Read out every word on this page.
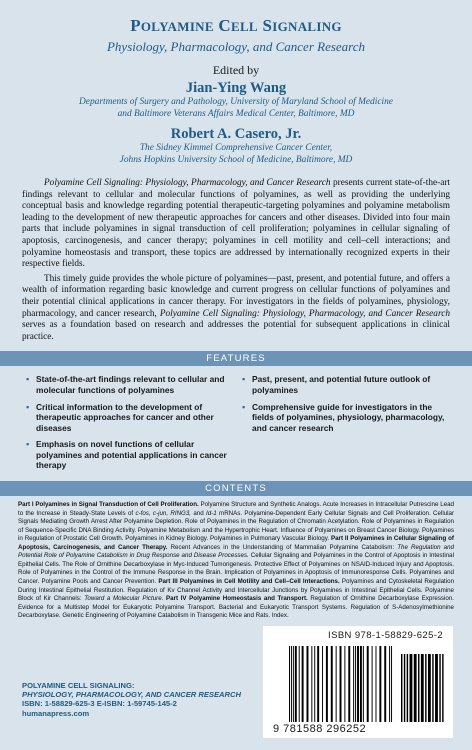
POLYAMINE CELL SIGNALING
Physiology, Pharmacology, and Cancer Research
Edited by
Jian-Ying Wang
Departments of Surgery and Pathology, University of Maryland School of Medicine
and Baltimore Veterans Affairs Medical Center, Baltimore, MD
Robert A. Casero, Jr.
The Sidney Kimmel Comprehensive Cancer Center,
Johns Hopkins University School of Medicine, Baltimore, MD

Polyamine Cell Signaling: Physiology, Pharmacology, and Cancer Research presents current state-of-the-art findings relevant to cellular and molecular functions of polyamines, as well as providing the underlying conceptual basis and knowledge regarding potential therapeutic-targeting polyamines and polyamine metabolism leading to the development of new therapeutic approaches for cancers and other diseases. Divided into four main parts that include polyamines in signal transduction of cell proliferation; polyamines in cellular signaling of apoptosis, carcinogenesis, and cancer therapy; polyamines in cell motility and cell–cell interactions; and polyamine homeostasis and transport, these topics are addressed by internationally recognized experts in their respective fields.

This timely guide provides the whole picture of polyamines—past, present, and potential future, and offers a wealth of information regarding basic knowledge and current progress on cellular functions of polyamines and their potential clinical applications in cancer therapy. For investigators in the fields of polyamines, physiology, pharmacology, and cancer research, Polyamine Cell Signaling: Physiology, Pharmacology, and Cancer Research serves as a foundation based on research and addresses the potential for subsequent applications in clinical practice.

FEATURES
▪ State-of-the-art findings relevant to cellular and molecular functions of polyamines
▪ Critical information to the development of therapeutic approaches for cancer and other diseases
▪ Emphasis on novel functions of cellular polyamines and potential applications in cancer therapy
▪ Past, present, and potential future outlook of polyamines
▪ Comprehensive guide for investigators in the fields of polyamines, physiology, pharmacology, and cancer research
CONTENTS
Part I Polyamines in Signal Transduction of Cell Proliferation. Polyamine Structure and Synthetic Analogs. Acute Increases in Intracellular Putrescine Lead to the Increase in Steady-State Levels of c-fos, c-jun, RING3, and Id-1 mRNAs. Polyamine-Dependent Early Cellular Signals and Cell Proliferation. Cellular Signals Mediating Growth Arrest After Polyamine Depletion. Role of Polyamines in the Regulation of Chromatin Acetylation. Role of Polyamines in Regulation of Sequence-Specific DNA Binding Activity. Polyamine Metabolism and the Hypertrophic Heart. Influence of Polyamines on Breast Cancer Biology. Polyamines in Regulation of Prostatic Cell Growth. Polyamines in Kidney Biology. Polyamines in Pulmonary Vascular Biology. Part II Polyamines in Cellular Signaling of Apoptosis, Carcinogenesis, and Cancer Therapy. Recent Advances in the Understanding of Mammalian Polyamine Catabolism: The Regulation and Potential Role of Polyamine Catabolism in Drug Response and Disease Processes. Cellular Signaling and Polyamines in the Control of Apoptosis in Intestinal Epithelial Cells. The Role of Ornithine Decarboxylase in Myc-Induced Tumorigenesis. Protective Effect of Polyamines on NSAID-Induced Injury and Apoptosis. Role of Polyamines in the Control of the Immune Response in the Brain. Implication of Polyamines in Apoptosis of Immunoresponse Cells. Polyamines and Cancer. Polyamine Pools and Cancer Prevention. Part III Polyamines in Cell Motility and Cell–Cell Interactions. Polyamines and Cytoskeletal Regulation During Intestinal Epithelial Restitution. Regulation of Kv Channel Activity and Intercellular Junctions by Polyamines in Intestinal Epithelial Cells. Polyamine Block of Kir Channels: Toward a Molecular Picture. Part IV Polyamine Homeostasis and Transport. Regulation of Ornithine Decarboxylase Expression. Evidence for a Multistep Model for Eukaryotic Polyamine Transport. Bacterial and Eukaryotic Transport Systems. Regulation of S-Adenosylmethionine Decarboxylase. Genetic Engineering of Polyamine Catabolism in Transgenic Mice and Rats. Index.
ISBN 978-1-58829-625-2
9 781588 296252
POLYAMINE CELL SIGNALING:
PHYSIOLOGY, PHARMACOLOGY, AND CANCER RESEARCH
ISBN: 1-58829-625-3 E-ISBN: 1-59745-145-2
humanapress.com
